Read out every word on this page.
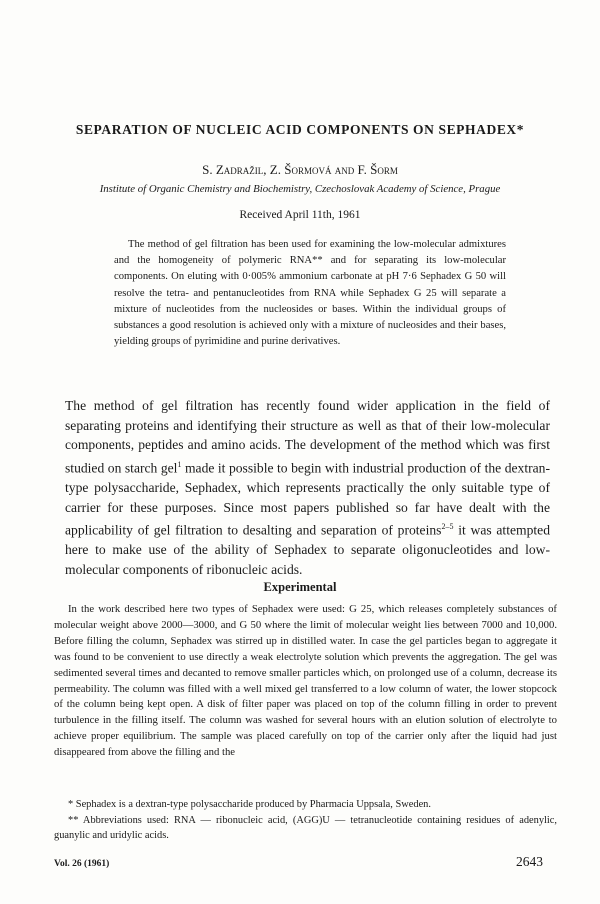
SEPARATION OF NUCLEIC ACID COMPONENTS ON SEPHADEX*
S. Zadražil, Z. Šormová and F. Šorm
Institute of Organic Chemistry and Biochemistry, Czechoslovak Academy of Science, Prague
Received April 11th, 1961

The method of gel filtration has been used for examining the low-molecular admixtures and the homogeneity of polymeric RNA** and for separating its low-molecular components. On eluting with 0·005% ammonium carbonate at pH 7·6 Sephadex G 50 will resolve the tetra- and pentanucleotides from RNA while Sephadex G 25 will separate a mixture of nucleotides from the nucleosides or bases. Within the individual groups of substances a good resolution is achieved only with a mixture of nucleosides and their bases, yielding groups of pyrimidine and purine derivatives.

The method of gel filtration has recently found wider application in the field of separating proteins and identifying their structure as well as that of their low-molecular components, peptides and amino acids. The development of the method which was first studied on starch gel$^1$ made it possible to begin with industrial production of the dextran-type polysaccharide, Sephadex, which represents practically the only suitable type of carrier for these purposes. Since most papers published so far have dealt with the applicability of gel filtration to desalting and separation of proteins$^{2-5}$ it was attempted here to make use of the ability of Sephadex to separate oligonucleotides and low-molecular components of ribonucleic acids.

Experimental

In the work described here two types of Sephadex were used: G 25, which releases completely substances of molecular weight above 2000—3000, and G 50 where the limit of molecular weight lies between 7000 and 10,000. Before filling the column, Sephadex was stirred up in distilled water. In case the gel particles began to aggregate it was found to be convenient to use directly a weak electrolyte solution which prevents the aggregation. The gel was sedimented several times and decanted to remove smaller particles which, on prolonged use of a column, decrease its permeability. The column was filled with a well mixed gel transferred to a low column of water, the lower stopcock of the column being kept open. A disk of filter paper was placed on top of the column filling in order to prevent turbulence in the filling itself. The column was washed for several hours with an elution solution of electrolyte to achieve proper equilibrium. The sample was placed carefully on top of the carrier only after the liquid had just disappeared from above the filling and the

* Sephadex is a dextran-type polysaccharide produced by Pharmacia Uppsala, Sweden.

** Abbreviations used: RNA — ribonucleic acid, (AGG)U — tetranucleotide containing residues of adenylic, guanylic and uridylic acids.

Vol. 26 (1961)	2643
